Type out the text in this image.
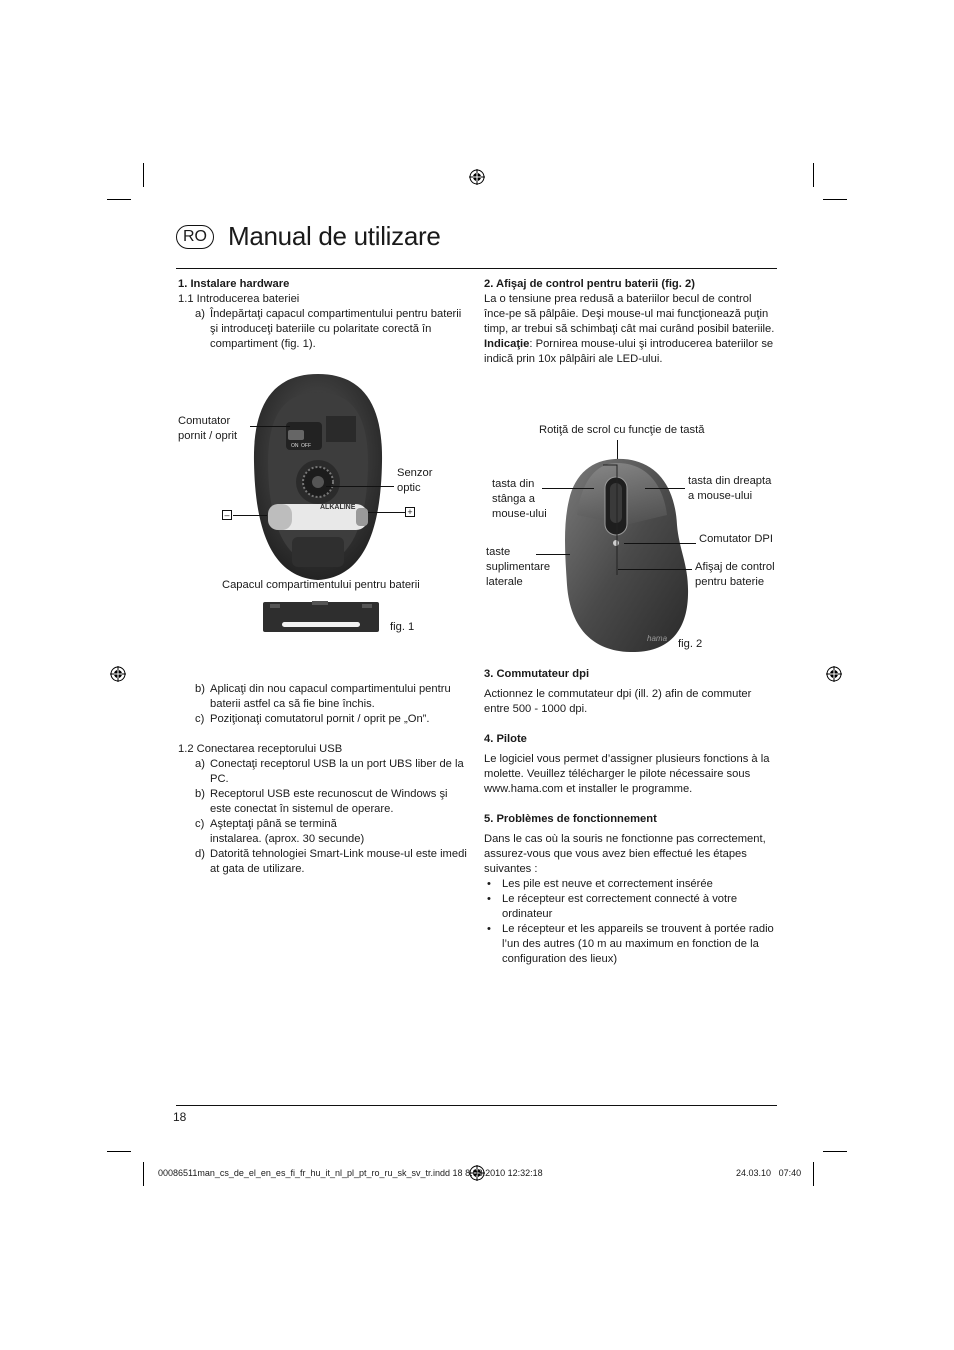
RO Manual de utilizare
1. Instalare hardware
1.1 Introducerea bateriei
a) Îndepărtaţi capacul compartimentului pentru baterii şi introduceţi bateriile cu polaritate corectă în compartiment (fig. 1).
ALKALINE
ON OFF
Comutator pornit / oprit
Senzor optic
–	+
Capacul compartimentului pentru baterii
fig. 1
b) Aplicaţi din nou capacul compartimentului pentru baterii astfel ca să fie bine închis.
c) Poziţionaţi comutatorul pornit / oprit pe „On”.
1.2 Conectarea receptorului USB
a) Conectaţi receptorul USB la un port UBS liber de la PC.
b) Receptorul USB este recunoscut de Windows şi este conectat în sistemul de operare.
c) Aşteptaţi până se termină instalarea. (aprox. 30 secunde)
d) Datorită tehnologiei Smart-Link mouse-ul este imedi at gata de utilizare.
2. Afişaj de control pentru baterii (fig. 2)
La o tensiune prea redusă a bateriilor becul de control înce-pe să pâlpâie. Deşi mouse-ul mai funcţionează puţin timp, ar trebui să schimbaţi cât mai curând posibil bateriile.
Indicaţie: Pornirea mouse-ului şi introducerea bateriilor se indică prin 10x pâlpâiri ale LED-ului.
Rotiţă de scrol cu funcţie de tastă
hama
tasta din stânga a mouse-ului
tasta din dreapta a mouse-ului
Comutator DPI
taste suplimentare laterale
Afişaj de control pentru baterie
fig. 2
3. Commutateur dpi
Actionnez le commutateur dpi (ill. 2) afin de commuter entre 500 - 1000 dpi.
4. Pilote
Le logiciel vous permet d’assigner plusieurs fonctions à la molette. Veuillez télécharger le pilote nécessaire sous www.hama.com et installer le programme.
5. Problèmes de fonctionnement
Dans le cas où la souris ne fonctionne pas correctement, assurez-vous que vous avez bien effectué les étapes suivantes :
• Les pile est neuve et correctement insérée
• Le récepteur est correctement connecté à votre ordinateur
• Le récepteur et les appareils se trouvent à portée radio l’un des autres (10 m au maximum en fonction de la configuration des lieux)
18
00086511man_cs_de_el_en_es_fi_fr_hu_it_nl_pl_pt_ro_ru_sk_sv_tr.indd 18 8.03.2010 12:32:18	24.03.10 07:40
